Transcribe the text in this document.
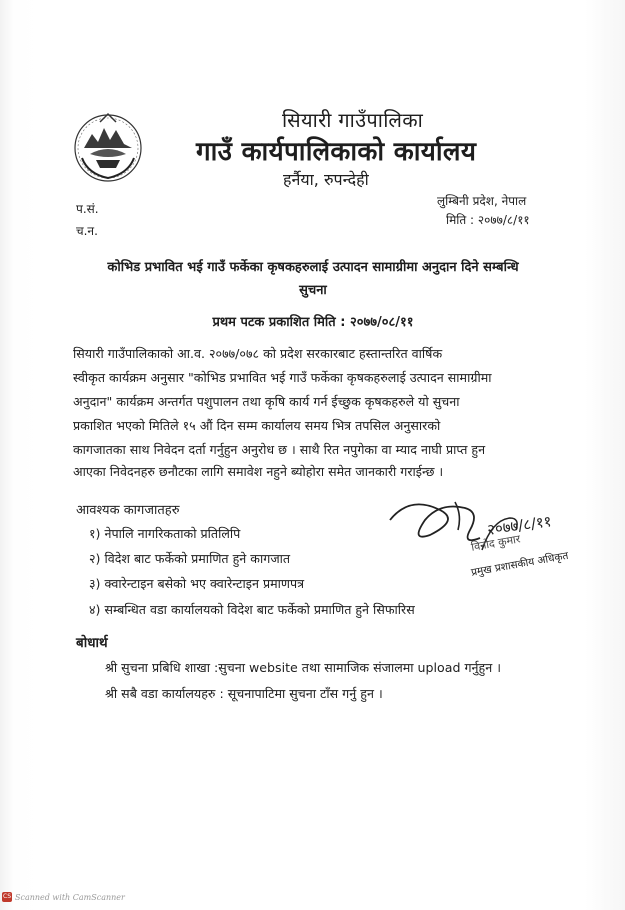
सियारी गाउँपालिका
गाउँ कार्यपालिकाको कार्यालय
हर्नैया, रुपन्देही
प.सं.
च.न.
लुम्बिनी प्रदेश, नेपाल
मिति : २०७७/८/११
कोभिड प्रभावित भई गाउँ फर्केका कृषकहरुलाई उत्पादन सामाग्रीमा अनुदान दिने सम्बन्धि
सुचना
प्रथम पटक प्रकाशित मिति : २०७७/०८/११
सियारी गाउँपालिकाको आ.व. २०७७/०७८ को प्रदेश सरकारबाट हस्तान्तरित वार्षिक
स्वीकृत कार्यक्रम अनुसार "कोभिड प्रभावित भई गाउँ फर्केका कृषकहरुलाई उत्पादन सामाग्रीमा
अनुदान" कार्यक्रम अन्तर्गत पशुपालन तथा कृषि कार्य गर्न ईच्छुक कृषकहरुले यो सुचना
प्रकाशित भएको मितिले १५ औं दिन सम्म कार्यालय समय भित्र तपसिल अनुसारको
कागजातका साथ निवेदन दर्ता गर्नुहुन अनुरोध छ । साथै रित नपुगेका वा म्याद नाघी प्राप्त हुन
आएका निवेदनहरु छनौटका लागि समावेश नहुने ब्योहोरा समेत जानकारी गराईन्छ ।
आवश्यक कागजातहरु
१) नेपालि नागरिकताको प्रतिलिपि
२) विदेश बाट फर्केको प्रमाणित हुने कागजात
३) क्वारेन्टाइन बसेको भए क्वारेन्टाइन प्रमाणपत्र
४) सम्बन्धित वडा कार्यालयको विदेश बाट फर्केको प्रमाणित हुने सिफारिस
२०७७/८/११
विनोद कुमार
प्रमुख प्रशासकीय अधिकृत
बोधार्थ
श्री सुचना प्रबिधि शाखा :सुचना website तथा सामाजिक संजालमा upload गर्नुहुन ।
श्री सबै वडा कार्यालयहरु : सूचनापाटिमा सुचना टाँस गर्नु हुन ।
CS Scanned with CamScanner
